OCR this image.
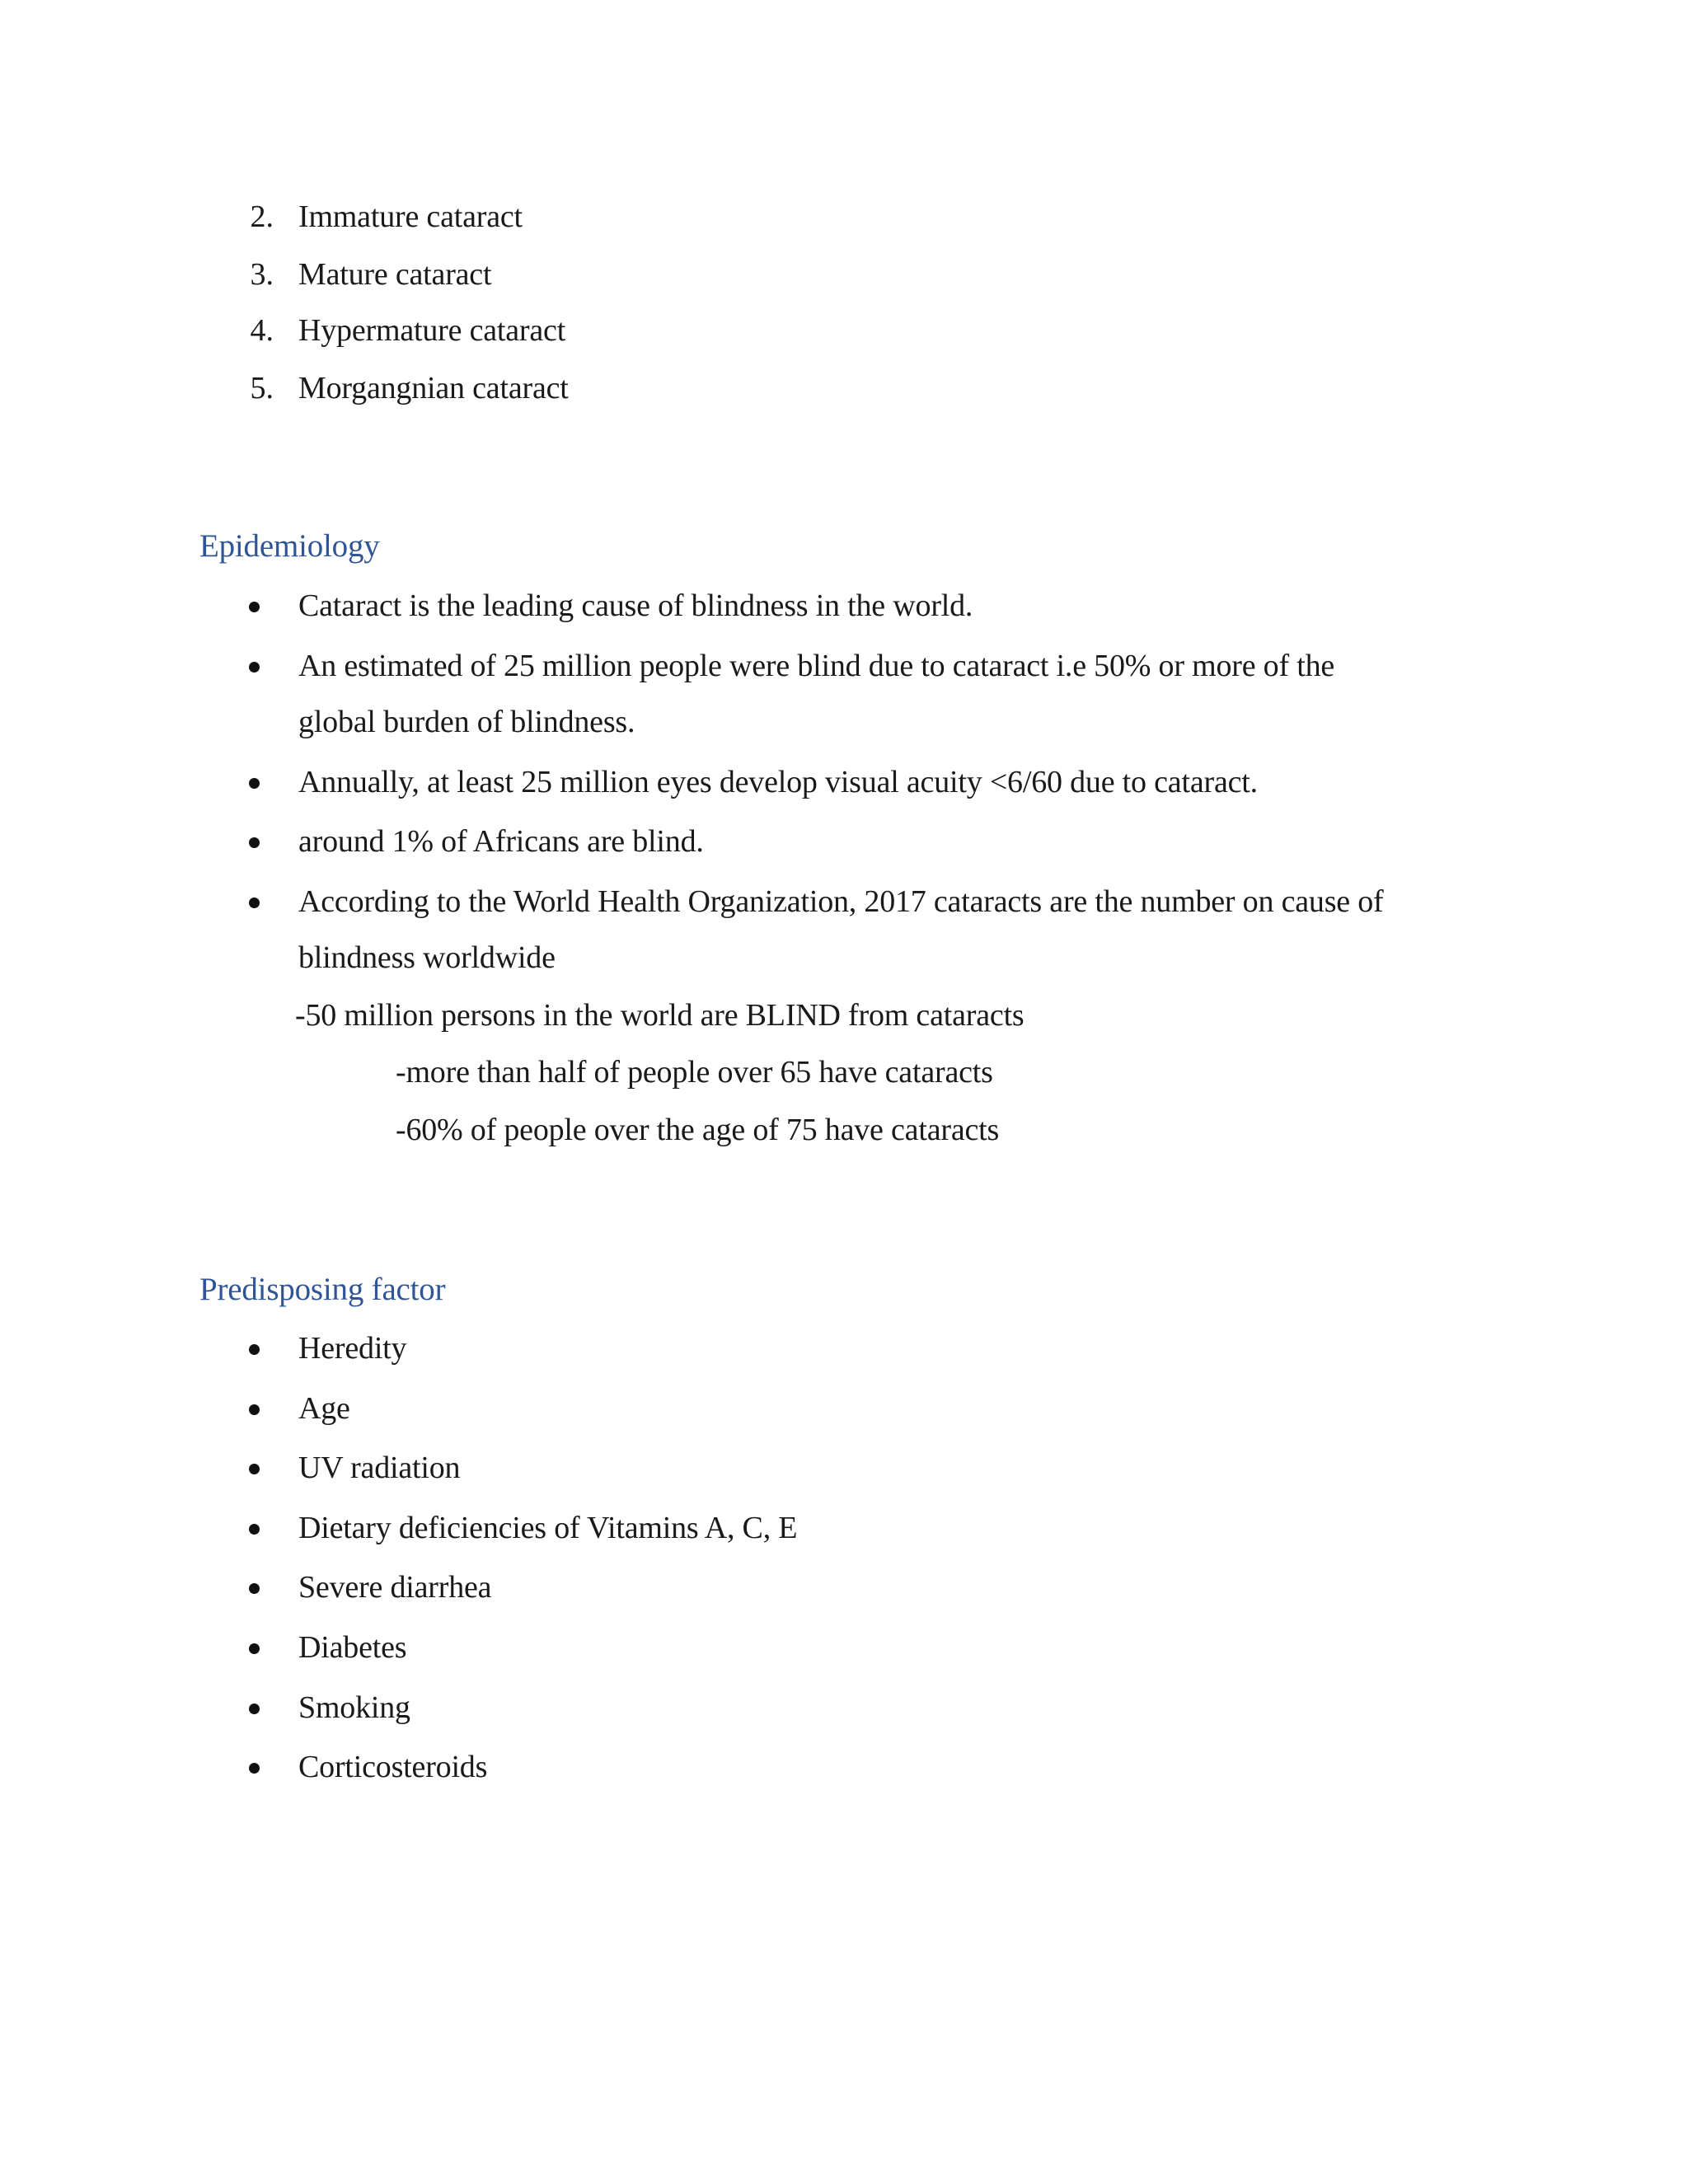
2. Immature cataract
3. Mature cataract
4. Hypermature cataract
5. Morgangnian cataract
Epidemiology
Cataract is the leading cause of blindness in the world.
An estimated of 25 million people were blind due to cataract i.e 50% or more of the
global burden of blindness.
Annually, at least 25 million eyes develop visual acuity <6/60 due to cataract.
around 1% of Africans are blind.
According to the World Health Organization, 2017 cataracts are the number on cause of
blindness worldwide
-50 million persons in the world are BLIND from cataracts
-more than half of people over 65 have cataracts
-60% of people over the age of 75 have cataracts
Predisposing factor
Heredity
Age
UV radiation
Dietary deficiencies of Vitamins A, C, E
Severe diarrhea
Diabetes
Smoking
Corticosteroids
